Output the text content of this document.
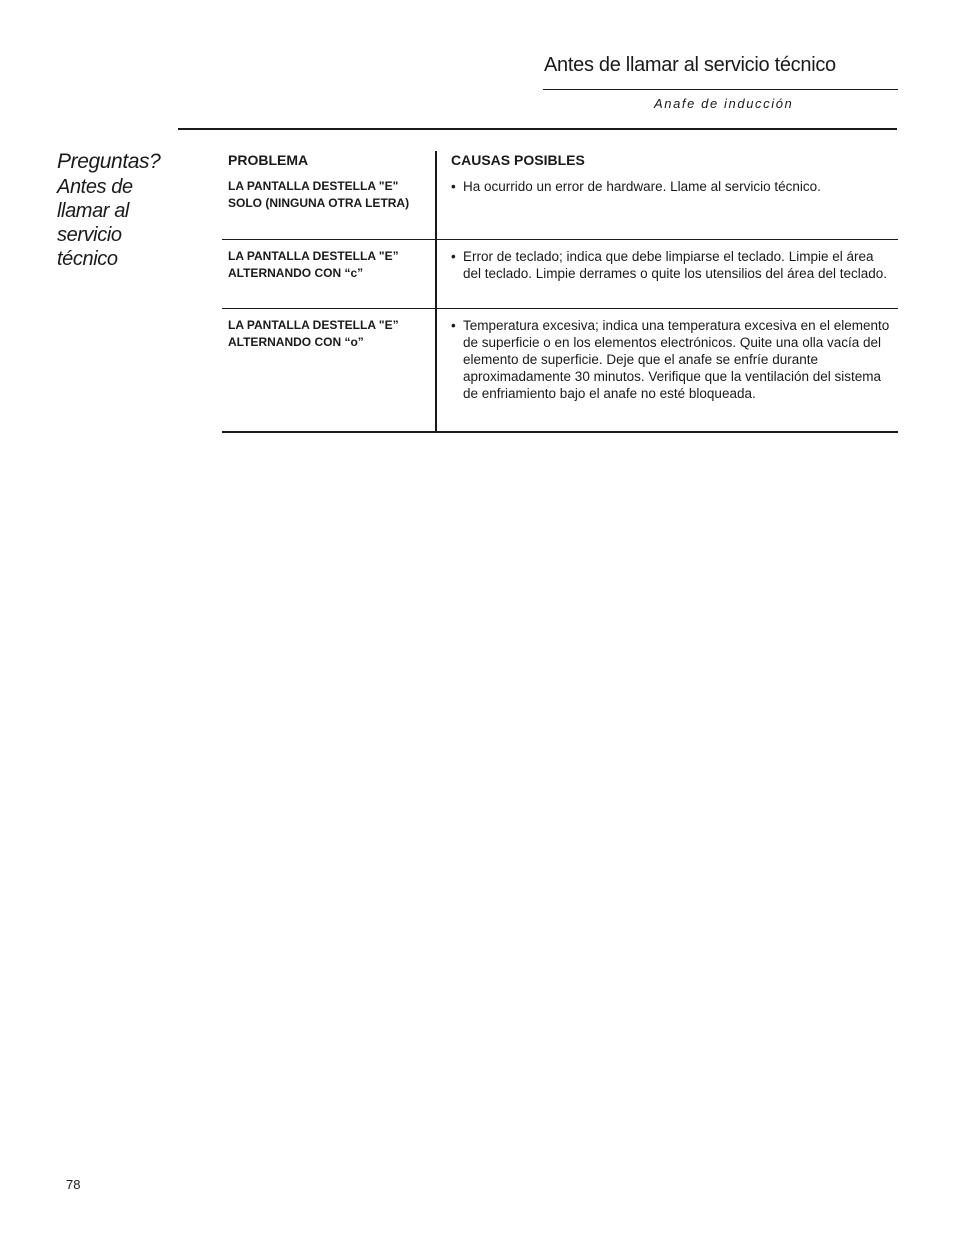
Antes de llamar al servicio técnico
Anafe de inducción
Preguntas?
Antes de
llamar al
servicio
técnico
PROBLEMA	CAUSAS POSIBLES
LA PANTALLA DESTELLA "E" SOLO (NINGUNA OTRA LETRA)
• Ha ocurrido un error de hardware. Llame al servicio técnico.
LA PANTALLA DESTELLA "E” ALTERNANDO CON “c”
• Error de teclado; indica que debe limpiarse el teclado. Limpie el área del teclado. Limpie derrames o quite los utensilios del área del teclado.
LA PANTALLA DESTELLA "E” ALTERNANDO CON “o”
• Temperatura excesiva; indica una temperatura excesiva en el elemento de superficie o en los elementos electrónicos. Quite una olla vacía del elemento de superficie. Deje que el anafe se enfríe durante aproximadamente 30 minutos. Verifique que la ventilación del sistema de enfriamiento bajo el anafe no esté bloqueada.
78
